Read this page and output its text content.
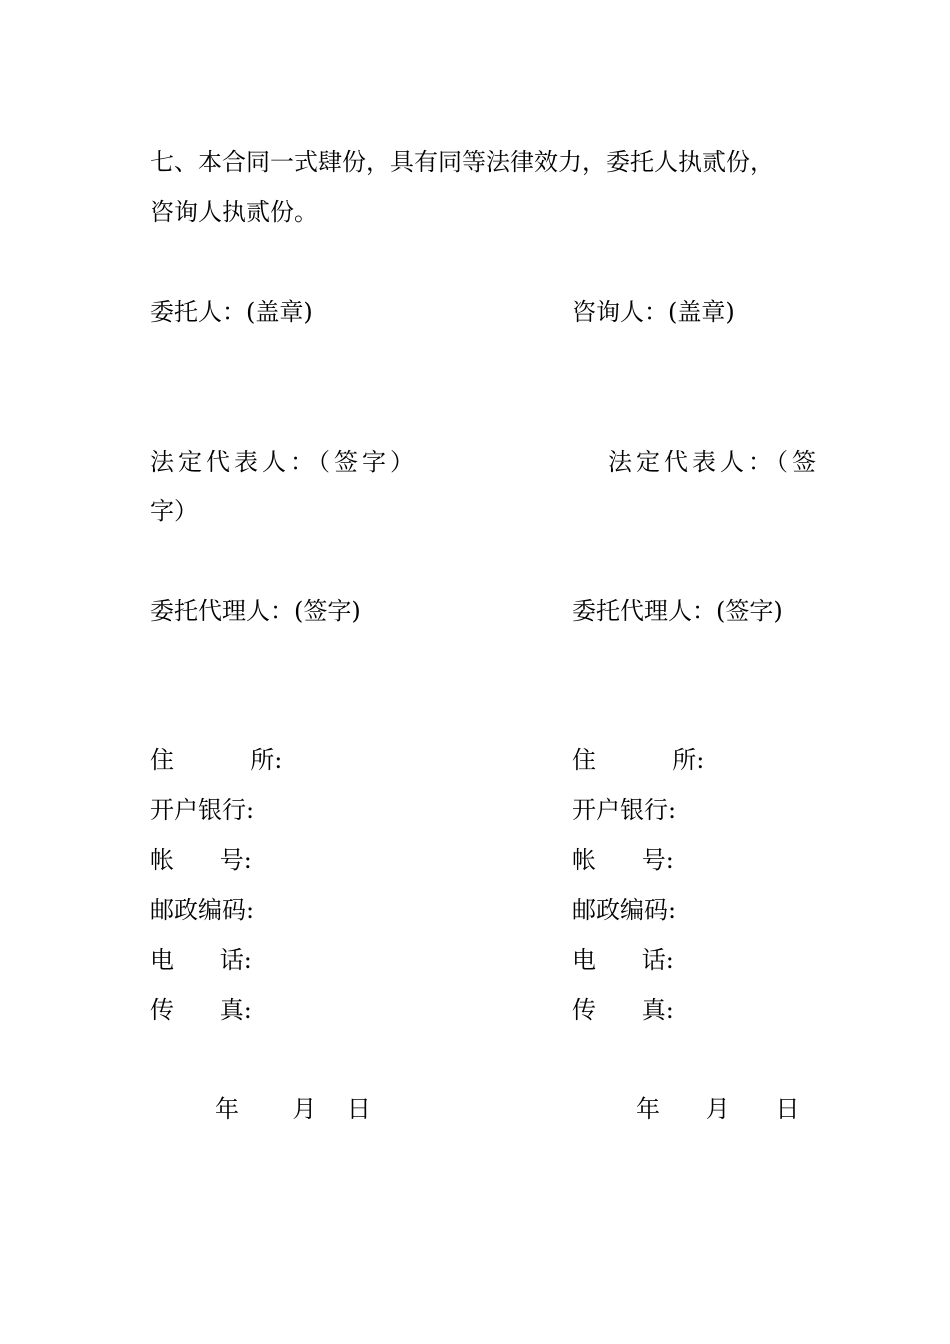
七、本合同一式肆份，具有同等法律效力，委托人执贰份，

咨询人执贰份。

委托人：(盖章)

法定代表人：（签字）

字）

委托代理人：(签字)

住          所:

开户银行:

帐      号:

邮政编码:

电      话:

传      真:

年       月    日

咨询人：(盖章)

法定代表人：（签

委托代理人：(签字)

住          所:

开户银行:

帐      号:

邮政编码:

电      话:

传      真:

年      月      日
